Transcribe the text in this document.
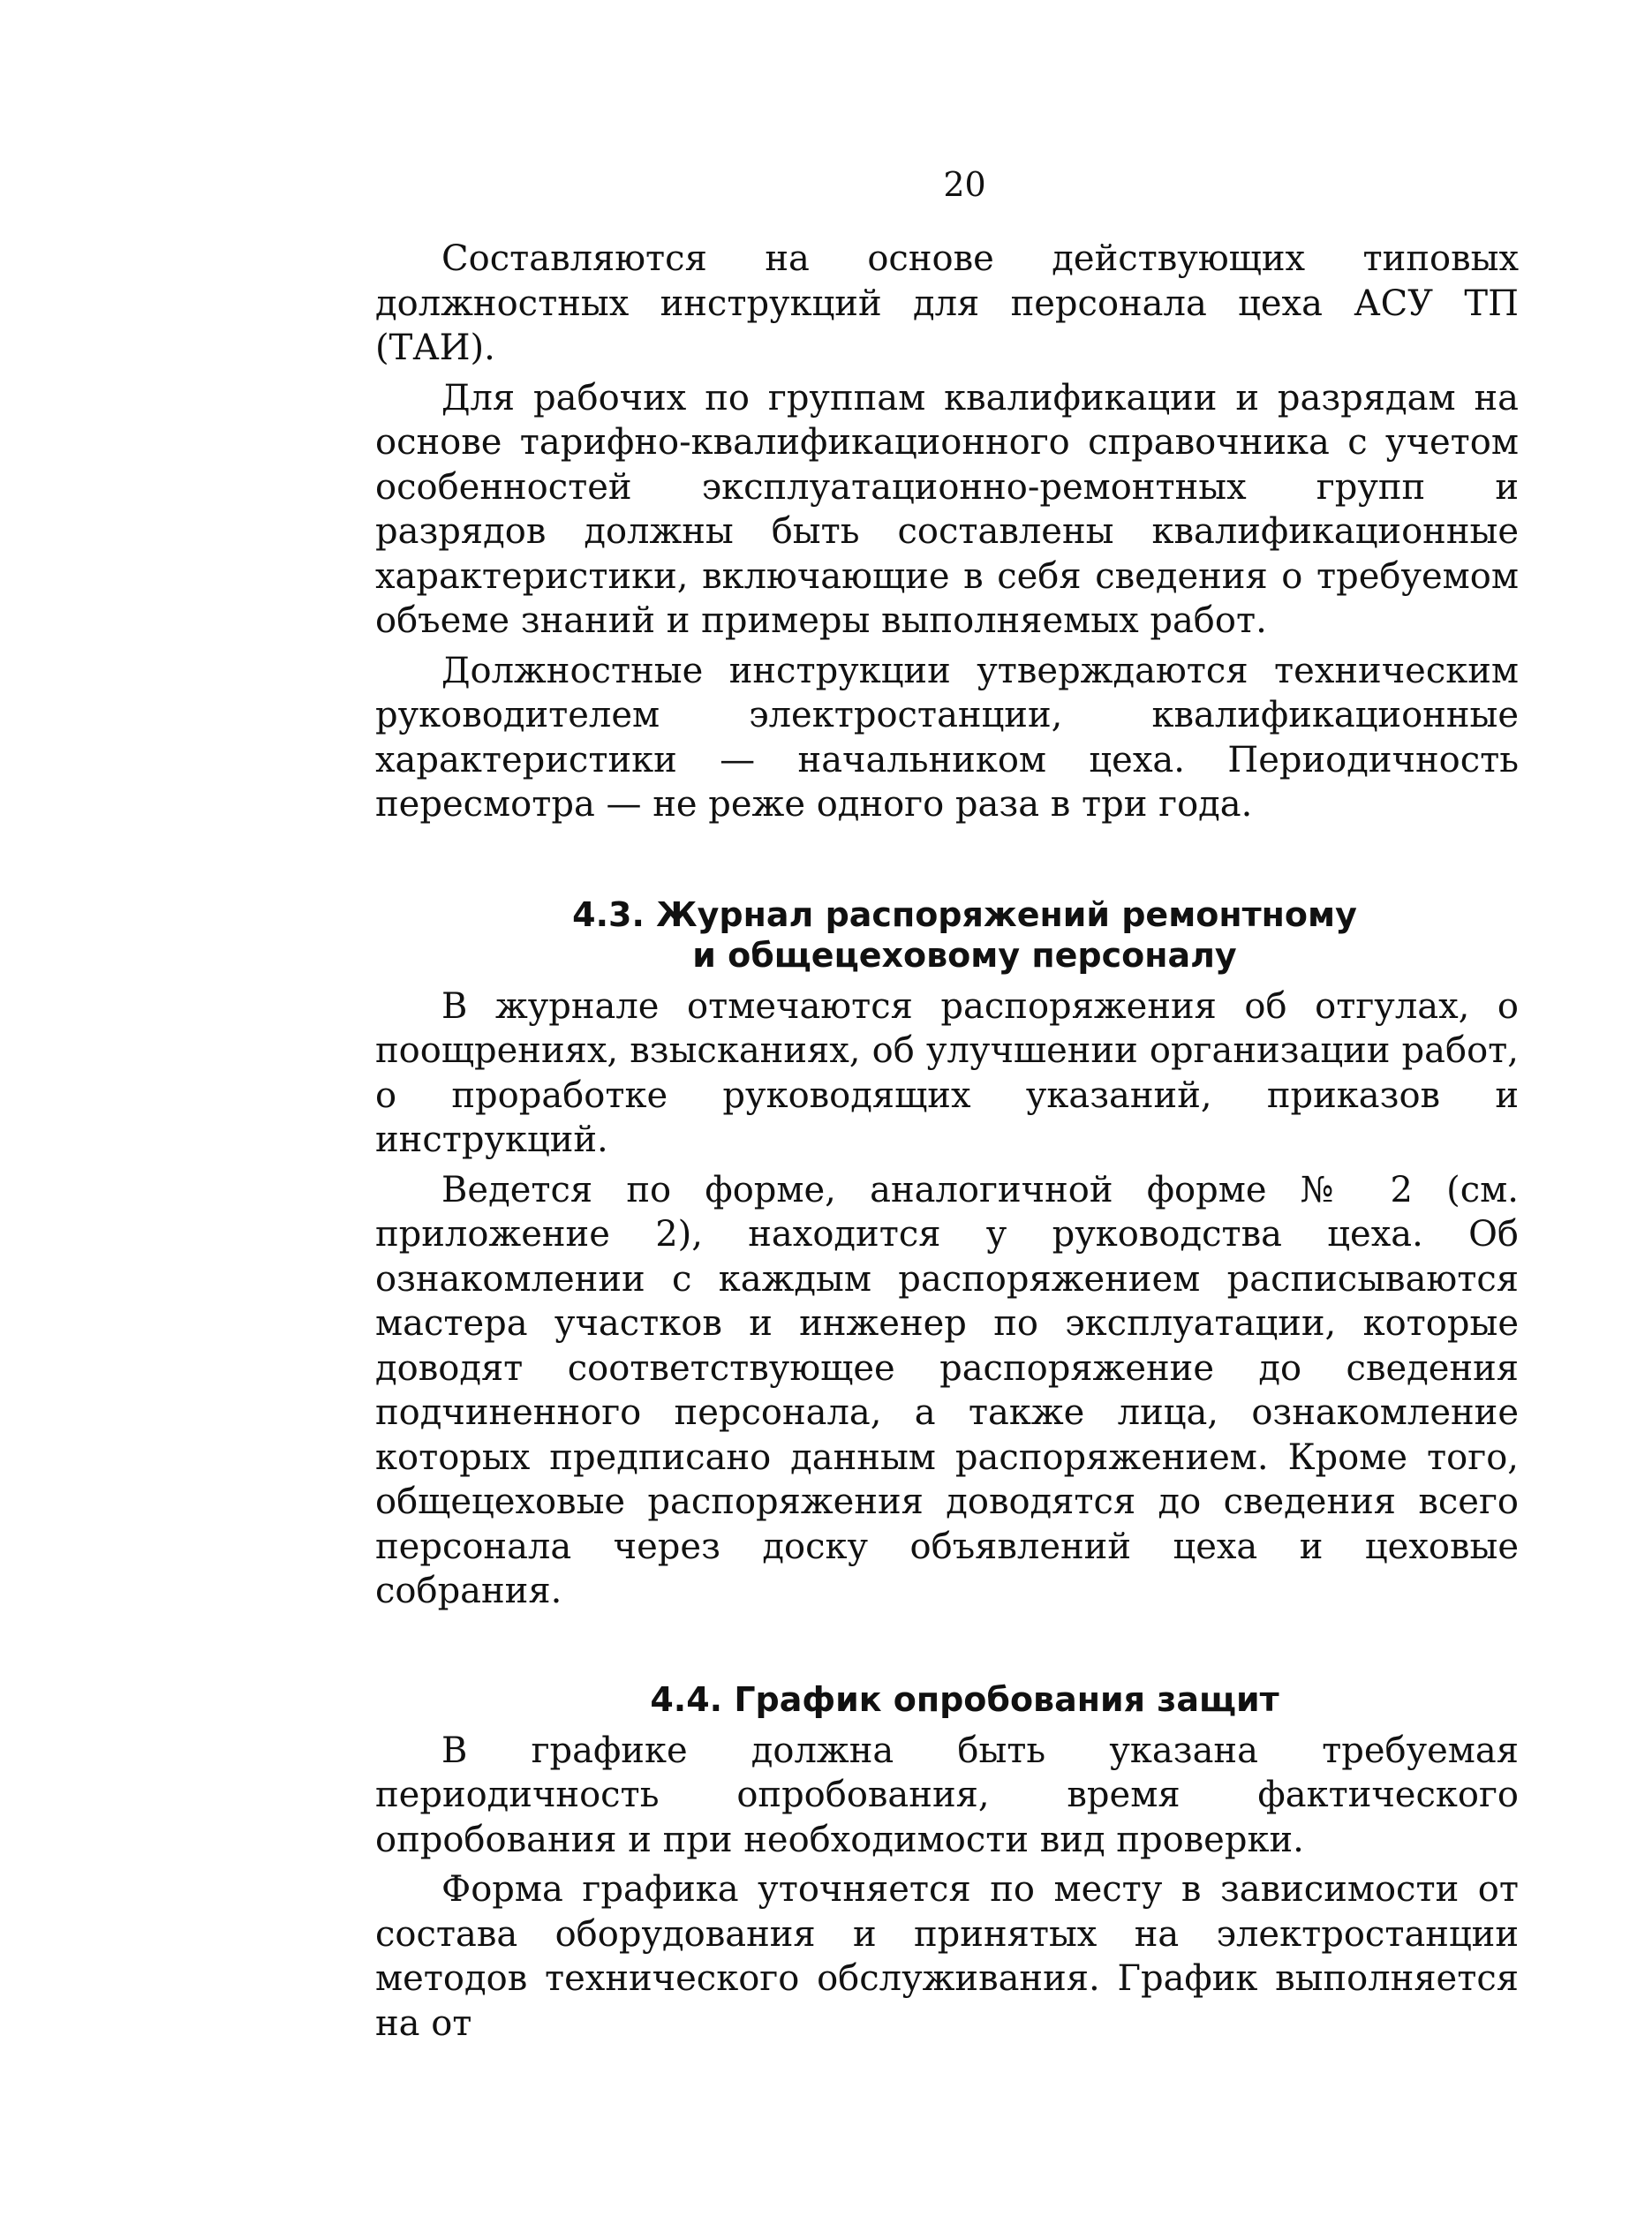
20

Составляются на основе действующих типовых должностных инструкций для персонала цеха АСУ ТП (ТАИ).

Для рабочих по группам квалификации и разрядам на основе тарифно-квалификационного справочника с учетом особенностей эксплуатационно-ремонтных групп и разрядов должны быть составлены квалификационные характеристики, включающие в себя сведения о требуемом объеме знаний и примеры выполняемых работ.

Должностные инструкции утверждаются техническим руководителем электростанции, квалификационные характеристики — начальником цеха. Периодичность пересмотра — не реже одного раза в три года.

4.3. Журнал распоряжений ремонтному
и общецеховому персоналу

В журнале отмечаются распоряжения об отгулах, о поощрениях, взысканиях, об улучшении организации работ, о проработке руководящих указаний, приказов и инструкций.

Ведется по форме, аналогичной форме № 2 (см. приложение 2), находится у руководства цеха. Об ознакомлении с каждым распоряжением расписываются мастера участков и инженер по эксплуатации, которые доводят соответствующее распоряжение до сведения подчиненного персонала, а также лица, ознакомление которых предписано данным распоряжением. Кроме того, общецеховые распоряжения доводятся до сведения всего персонала через доску объявлений цеха и цеховые собрания.

4.4. График опробования защит

В графике должна быть указана требуемая периодичность опробования, время фактического опробования и при необходимости вид проверки.

Форма графика уточняется по месту в зависимости от состава оборудования и принятых на электростанции методов технического обслуживания. График выполняется на от
